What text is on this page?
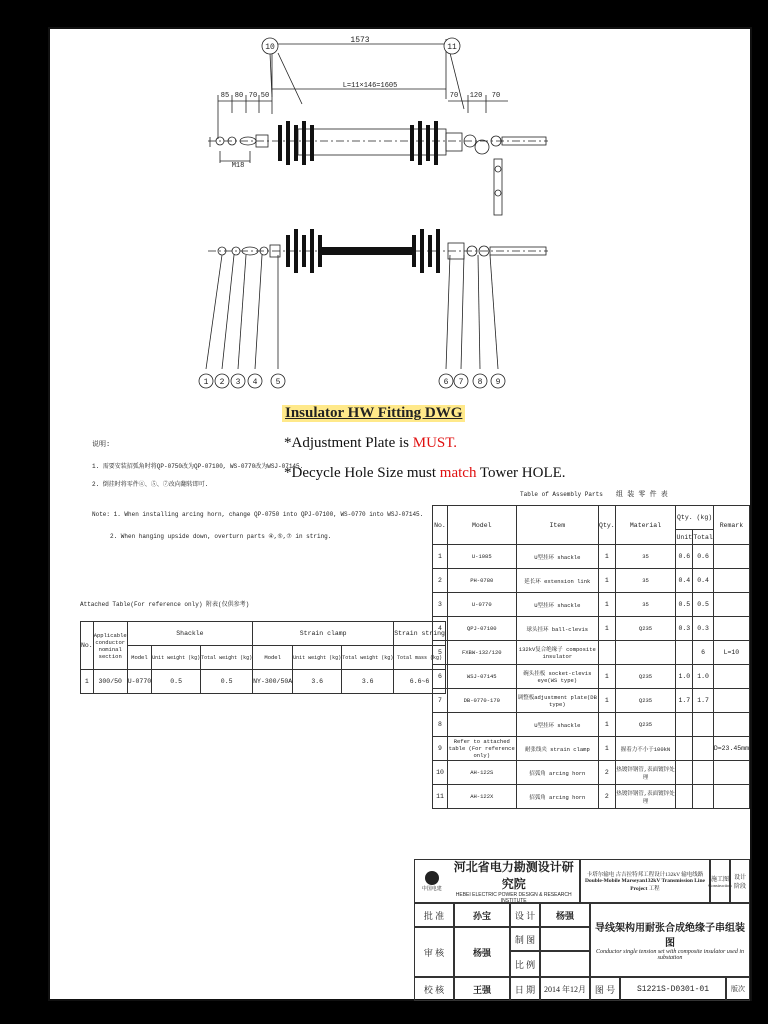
10	11
1 2 3 4 5	6 7 8 9
1573
L=11×146=1605
85 80 70 50	70 120 70
M18
Insulator HW Fitting DWG
*Adjustment Plate is MUST.
*Decycle Hole Size must match Tower HOLE.
说明:
1. 需要安装招弧角时将QP-0750改为QP-07100, WS-0770改为WSJ-07145.
2. 倒挂时将零件④、⑤、⑦改向翻转即可.
Note: 1. When installing arcing horn, change QP-0750 into QPJ-07100, WS-0770 into WSJ-07145.
2. When hanging upside down, overturn parts ④,⑤,⑦ in string.
Table of Assembly Parts 组 装 零 件 表
No.	Model	Item	Qty.	Material	Qty. (kg)		Remark
					Unit	Total	
1	U-1085	U型挂环 shackle	1	35	0.6	0.6	
2	PH-0780	延长环 extension link	1	35	0.4	0.4	
3	U-0770	U型挂环 shackle	1	35	0.5	0.5	
4	QPJ-07100	球头挂环 ball-clevis	1	Q235	0.3	0.3	
5	FXBW-132/120	132kV复合绝缘子 composite insulator				6	L=10
6	WSJ-07145	碗头挂板 socket-clevis eye(WS type)	1	Q235	1.0	1.0	
7	DB-0770-170	调整板adjustment plate(DB type)	1	Q235	1.7	1.7	
8		U型挂环 shackle	1	Q235			
9	Refer to attached table (For reference only)	耐张线夹 strain clamp	1	握着力不小于100kN			D=23.45mm
10	AH-122S	招弧角 arcing horn	2	热镀锌钢管,表面镀锌处理			
11	AH-122X	招弧角 arcing horn	2	热镀锌钢管,表面镀锌处理			
Attached Table(For reference only) 附表(仅供参考)
No.	Applicable conductor nominal section	Shackle			Strain clamp			Strain string
		Model	Unit weight (kg)	Total weight (kg)	Model	Unit weight (kg)	Total weight (kg)	Total mass (kg)
1	300/50	U-0770	0.5	0.5	NY-300/50A	3.6	3.6	6.6~6
中国电建
河北省电力勘测设计研究院
HEBEI ELECTRIC POWER DESIGN & RESEARCH INSTITUTE
卡塔尔输电 古吉拉特邦工程设计132kV 输电线路
Double-Mobile Marseyan132kV Transmission Line Project 工程
施工图
Construction
设计
阶段
批 准	孙宝	设 计 杨强
审 核	杨强
制 图
比 例
导线架构用耐张合成绝缘子串组装图
Conductor single tension set with composite insulator used in substation
校 核	王强	日 期 2014 年12月 图 号	S1221S-D0301-01	版次
